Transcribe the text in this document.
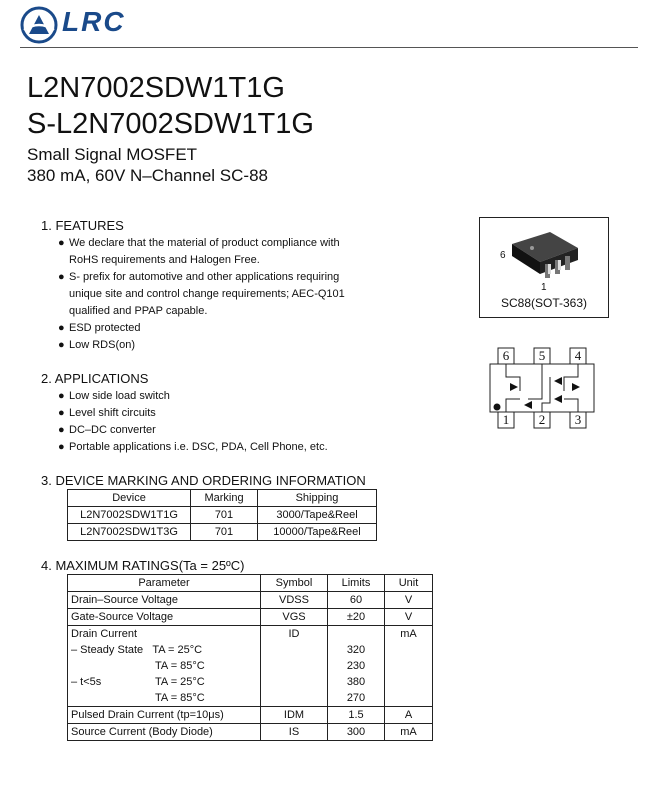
LRC
L2N7002SDW1T1G
S-L2N7002SDW1T1G
Small Signal MOSFET
380 mA, 60V N–Channel SC-88
1. FEATURES
● We declare that the material of product compliance with
RoHS requirements and Halogen Free.
● S- prefix for automotive and other applications requiring
unique site and control change requirements; AEC-Q101
qualified and PPAP capable.
● ESD protected
● Low RDS(on)
2. APPLICATIONS
● Low side load switch
● Level shift circuits
● DC–DC converter
● Portable applications i.e. DSC, PDA, Cell Phone, etc.
6
1
SC88(SOT-363)
6	5	4
1	2	3
3. DEVICE MARKING AND ORDERING INFORMATION
Device	Marking	Shipping
L2N7002SDW1T1G	701	3000/Tape&Reel
L2N7002SDW1T3G	701	10000/Tape&Reel
4. MAXIMUM RATINGS(Ta = 25ºC)
Parameter	Symbol	Limits	Unit
Drain–Source Voltage	VDSS	60	V
Gate-Source Voltage	VGS	±20	V
Drain Current	ID		mA
– Steady State TA = 25°C		320	
TA = 85°C		230	
– t<5s TA = 25°C		380	
TA = 85°C		270	
Pulsed Drain Current (tp=10μs)	IDM	1.5	A
Source Current (Body Diode)	IS	300	mA
